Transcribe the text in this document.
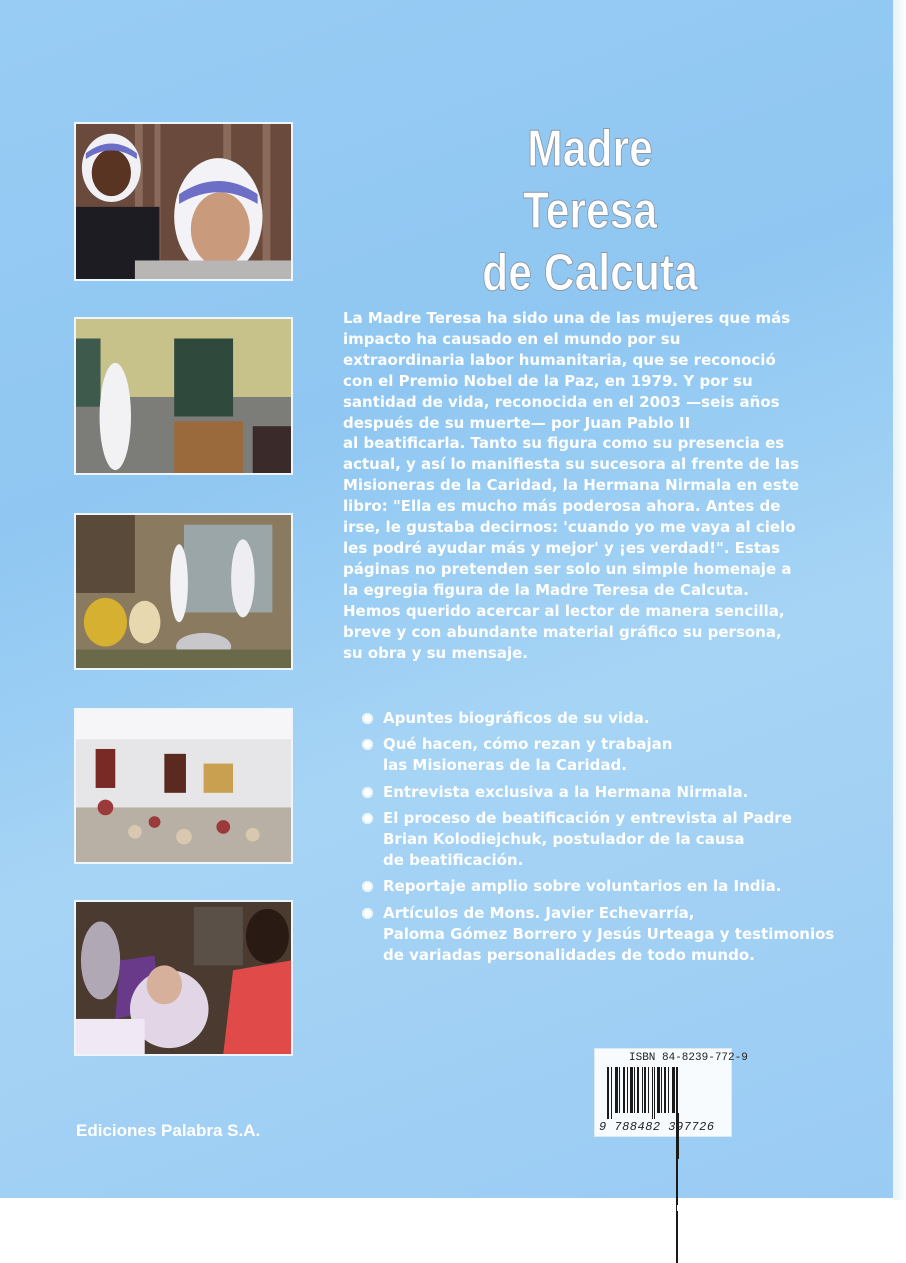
Madre Teresa
de Calcuta

La Madre Teresa ha sido una de las mujeres que más

impacto ha causado en el mundo por su

extraordinaria labor humanitaria, que se reconoció

con el Premio Nobel de la Paz, en 1979. Y por su

santidad de vida, reconocida en el 2003 —seis años

después de su muerte— por Juan Pablo II

al beatificarla. Tanto su figura como su presencia es

actual, y así lo manifiesta su sucesora al frente de las

Misioneras de la Caridad, la Hermana Nirmala en este

libro: "Ella es mucho más poderosa ahora. Antes de

irse, le gustaba decirnos: 'cuando yo me vaya al cielo

les podré ayudar más y mejor' y ¡es verdad!". Estas

páginas no pretenden ser solo un simple homenaje a

la egregia figura de la Madre Teresa de Calcuta.

Hemos querido acercar al lector de manera sencilla,

breve y con abundante material gráfico su persona,

su obra y su mensaje.

Apuntes biográficos de su vida.
Qué hacen, cómo rezan y trabajan
las Misioneras de la Caridad.
Entrevista exclusiva a la Hermana Nirmala.
El proceso de beatificación y entrevista al Padre
Brian Kolodiejchuk, postulador de la causa
de beatificación.
Reportaje amplio sobre voluntarios en la India.
Artículos de Mons. Javier Echevarría,
Paloma Gómez Borrero y Jesús Urteaga y testimonios
de variadas personalidades de todo mundo.
Ediciones Palabra S.A.
ISBN 84-8239-772-9
9 788482 397726
